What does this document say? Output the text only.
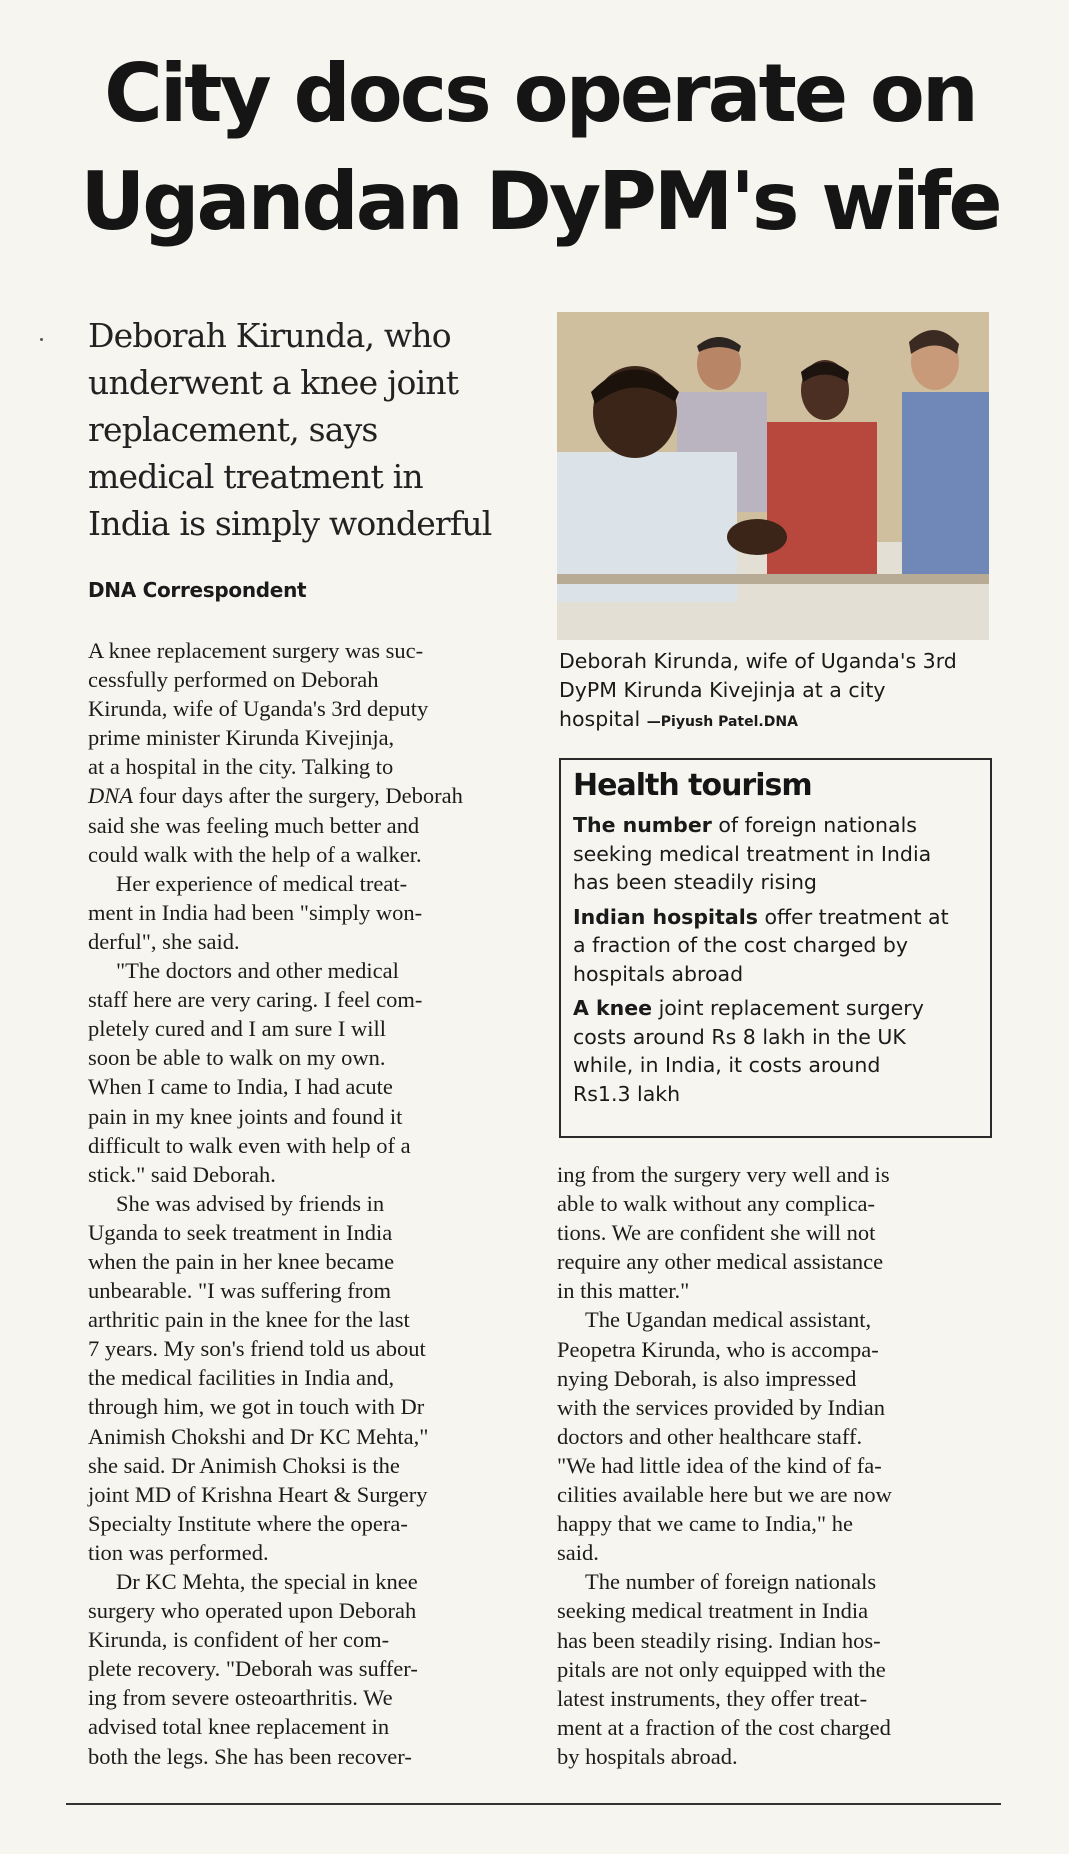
City docs operate on
Ugandan DyPM's wife
Deborah Kirunda, who
underwent a knee joint
replacement, says
medical treatment in
India is simply wonderful
DNA Correspondent

A knee replacement surgery was suc-
cessfully performed on Deborah
Kirunda, wife of Uganda's 3rd deputy
prime minister Kirunda Kivejinja,
at a hospital in the city. Talking to
DNA four days after the surgery, Deborah
said she was feeling much better and
could walk with the help of a walker.

Her experience of medical treat-
ment in India had been "simply won-
derful", she said.

"The doctors and other medical
staff here are very caring. I feel com-
pletely cured and I am sure I will
soon be able to walk on my own.
When I came to India, I had acute
pain in my knee joints and found it
difficult to walk even with help of a
stick." said Deborah.

She was advised by friends in
Uganda to seek treatment in India
when the pain in her knee became
unbearable. "I was suffering from
arthritic pain in the knee for the last
7 years. My son's friend told us about
the medical facilities in India and,
through him, we got in touch with Dr
Animish Chokshi and Dr KC Mehta,"
she said. Dr Animish Choksi is the
joint MD of Krishna Heart & Surgery
Specialty Institute where the opera-
tion was performed.

Dr KC Mehta, the special in knee
surgery who operated upon Deborah
Kirunda, is confident of her com-
plete recovery. "Deborah was suffer-
ing from severe osteoarthritis. We
advised total knee replacement in
both the legs. She has been recover-

Deborah Kirunda, wife of Uganda's 3rd
DyPM Kirunda Kivejinja at a city
hospital —Piyush Patel.DNA
Health tourism
The number of foreign nationals
seeking medical treatment in India
has been steadily rising
Indian hospitals offer treatment at
a fraction of the cost charged by
hospitals abroad
A knee joint replacement surgery
costs around Rs 8 lakh in the UK
while, in India, it costs around
Rs1.3 lakh

ing from the surgery very well and is
able to walk without any complica-
tions. We are confident she will not
require any other medical assistance
in this matter."

The Ugandan medical assistant,
Peopetra Kirunda, who is accompa-
nying Deborah, is also impressed
with the services provided by Indian
doctors and other healthcare staff.
"We had little idea of the kind of fa-
cilities available here but we are now
happy that we came to India," he
said.

The number of foreign nationals
seeking medical treatment in India
has been steadily rising. Indian hos-
pitals are not only equipped with the
latest instruments, they offer treat-
ment at a fraction of the cost charged
by hospitals abroad.
